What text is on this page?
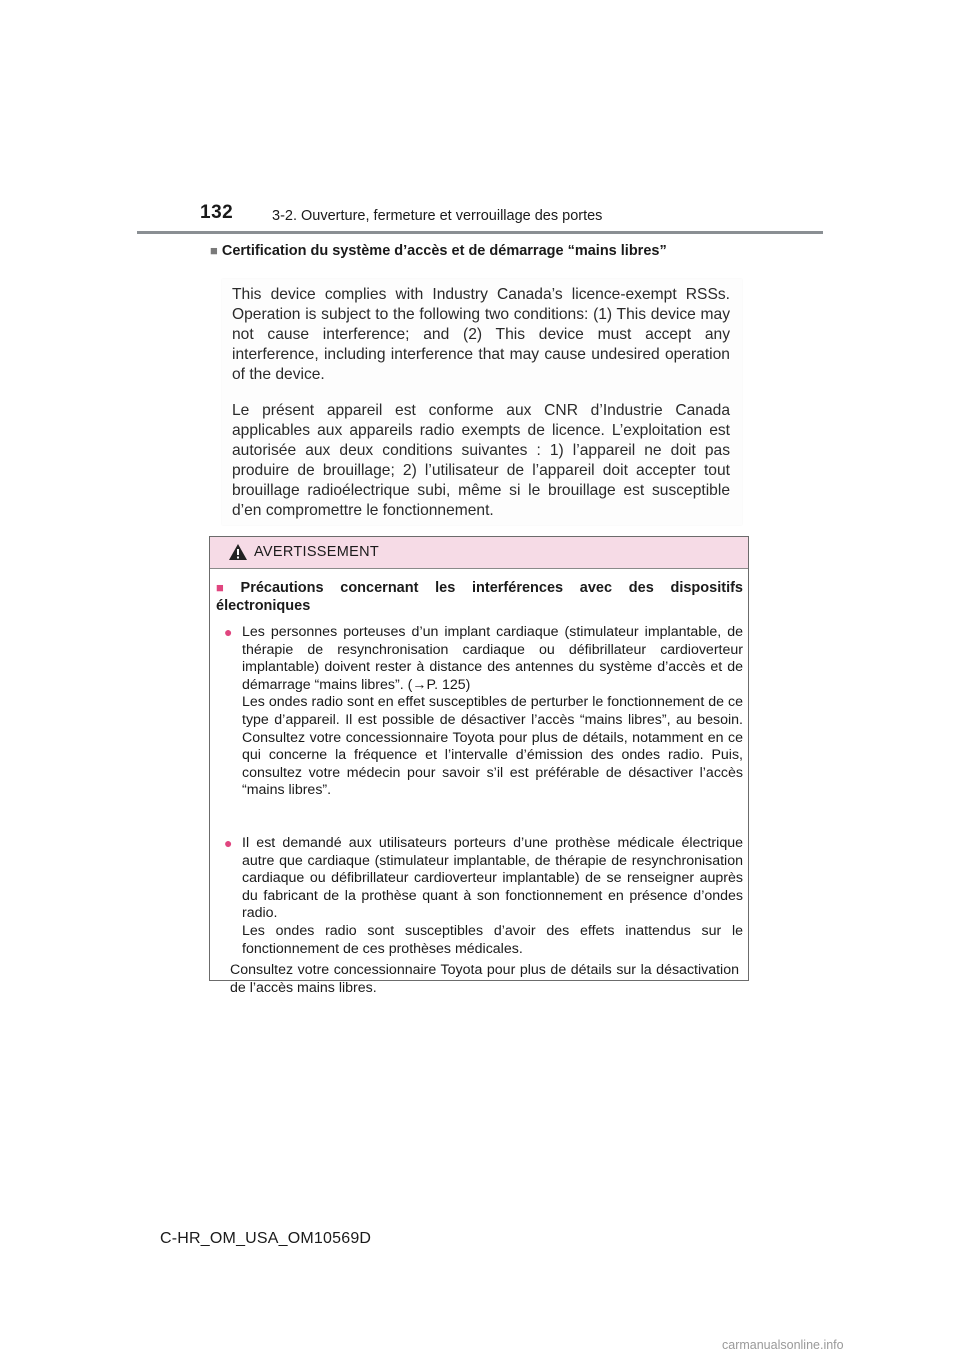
132	3-2. Ouverture, fermeture et verrouillage des portes
■ Certification du système d’accès et de démarrage “mains libres”

This device complies with Industry Canada’s licence-exempt RSSs. Operation is subject to the following two conditions: (1) This device may not cause interference; and (2) This device must accept any interference, including interference that may cause undesired operation of the device.

Le présent appareil est conforme aux CNR d’Industrie Canada applicables aux appareils radio exempts de licence. L’exploitation est autorisée aux deux conditions suivantes : 1) l’appareil ne doit pas produire de brouillage; 2) l’utilisateur de l’appareil doit accepter tout brouillage radioélectrique subi, même si le brouillage est susceptible d’en compromettre le fonctionnement.

AVERTISSEMENT
■ Précautions concernant les interférences avec des dispositifs électroniques
● Les personnes porteuses d’un implant cardiaque (stimulateur implantable, de thérapie de resynchronisation cardiaque ou défibrillateur cardioverteur implantable) doivent rester à distance des antennes du système d’accès et de démarrage “mains libres”. (→P. 125)

Les ondes radio sont en effet susceptibles de perturber le fonctionnement de ce type d’appareil. Il est possible de désactiver l’accès “mains libres”, au besoin. Consultez votre concessionnaire Toyota pour plus de détails, notamment en ce qui concerne la fréquence et l’intervalle d’émission des ondes radio. Puis, consultez votre médecin pour savoir s’il est préférable de désactiver l’accès “mains libres”.

● Il est demandé aux utilisateurs porteurs d’une prothèse médicale électrique autre que cardiaque (stimulateur implantable, de thérapie de resynchronisation cardiaque ou défibrillateur cardioverteur implantable) de se renseigner auprès du fabricant de la prothèse quant à son fonctionnement en présence d’ondes radio.

Les ondes radio sont susceptibles d’avoir des effets inattendus sur le fonctionnement de ces prothèses médicales.

Consultez votre concessionnaire Toyota pour plus de détails sur la désactivation de l’accès mains libres.
C-HR_OM_USA_OM10569D
carmanualsonline.info
